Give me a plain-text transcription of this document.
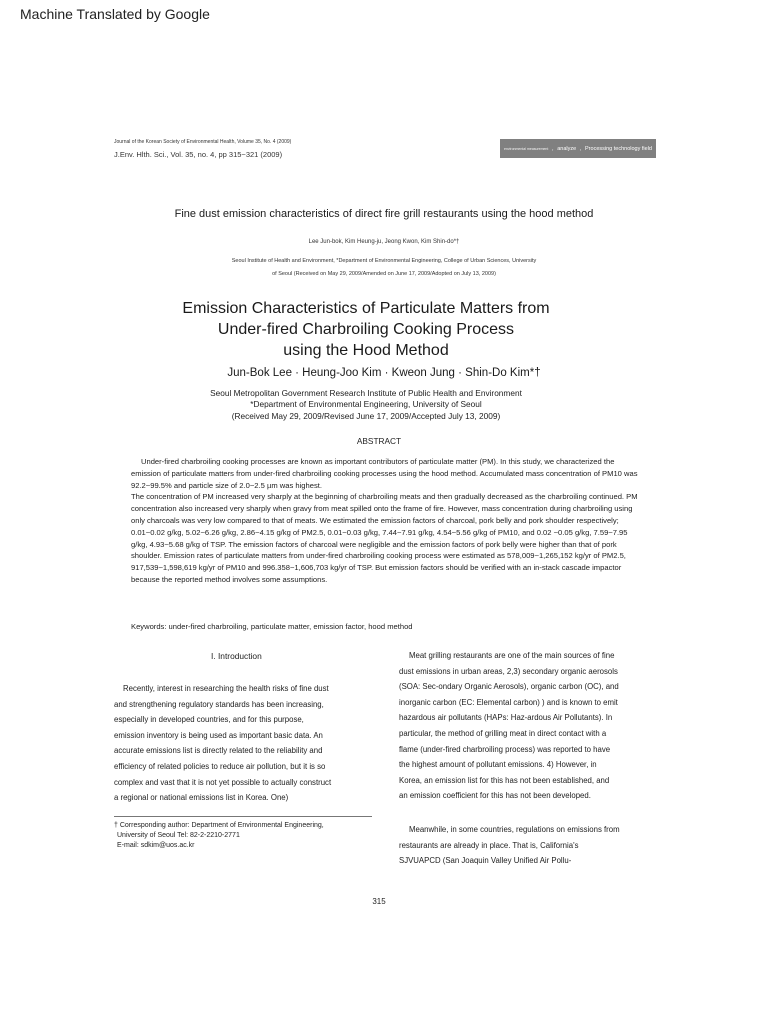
Machine Translated by Google
Journal of the Korean Society of Environmental Health, Volume 35, No. 4 (2009)
J.Env. Hlth. Sci., Vol. 35, no. 4, pp 315~321 (2009)
environmental measurement , analyze , Processing technology field
Fine dust emission characteristics of direct fire grill restaurants using the hood method
Lee Jun-bok, Kim Heung-ju, Jeong Kwon, Kim Shin-do*†
Seoul Institute of Health and Environment, *Department of Environmental Engineering, College of Urban Sciences, University
of Seoul (Received on May 29, 2009/Amended on June 17, 2009/Adopted on July 13, 2009)
Emission Characteristics of Particulate Matters from
Under-fired Charbroiling Cooking Process
using the Hood Method
Jun-Bok Lee · Heung-Joo Kim · Kweon Jung · Shin-Do Kim*†
Seoul Metropolitan Government Research Institute of Public Health and Environment
*Department of Environmental Engineering, University of Seoul
(Received May 29, 2009/Revised June 17, 2009/Accepted July 13, 2009)
ABSTRACT

Under-fired charbroiling cooking processes are known as important contributors of particulate matter (PM). In this study, we characterized the emission of particulate matters from under-fired charbroiling cooking processes using the hood method. Accumulated mass concentration of PM10 was 92.2~99.5% and particle size of 2.0~2.5 µm was highest.

The concentration of PM increased very sharply at the beginning of charbroiling meats and then gradually decreased as the charbroiling continued. PM concentration also increased very sharply when gravy from meat spilled onto the frame of fire. However, mass concentration during charbroiling using only charcoals was very low compared to that of meats. We estimated the emission factors of charcoal, pork belly and pork shoulder respectively; 0.01~0.02 g/kg, 5.02~6.26 g/kg, 2.86~4.15 g/kg of PM2.5, 0.01~0.03 g/kg, 7.44~7.91 g/kg, 4.54~5.56 g/kg of PM10, and 0.02 ~0.05 g/kg, 7.59~7.95 g/kg, 4.93~5.68 g/kg of TSP. The emission factors of charcoal were negligible and the emission factors of pork belly were higher than that of pork shoulder. Emission rates of particulate matters from under-fired charbroiling cooking process were estimated as 578,009~1,265,152 kg/yr of PM2.5, 917,539~1,598,619 kg/yr of PM10 and 996.358~1,606,703 kg/yr of TSP. But emission factors should be verified with an in-stack cascade impactor because the reported method involves some assumptions.

Keywords: under-fired charbroiling, particulate matter, emission factor, hood method
I. Introduction
Recently, interest in researching the health risks of fine dust
and strengthening regulatory standards has been increasing,
especially in developed countries, and for this purpose,
emission inventory is being used as important basic data. An
accurate emissions list is directly related to the reliability and
efficiency of related policies to reduce air pollution, but it is so
complex and vast that it is not yet possible to actually construct
a regional or national emissions list in Korea. One)
Meat grilling restaurants are one of the main sources of fine
dust emissions in urban areas, 2,3) secondary organic aerosols
(SOA: Sec-ondary Organic Aerosols), organic carbon (OC), and
inorganic carbon (EC: Elemental carbon) ) and is known to emit
hazardous air pollutants (HAPs: Haz-ardous Air Pollutants). In
particular, the method of grilling meat in direct contact with a
flame (under-fired charbroiling process) was reported to have
the highest amount of pollutant emissions. 4) However, in
Korea, an emission list for this has not been established, and
an emission coefficient for this has not been developed.
Meanwhile, in some countries, regulations on emissions from
restaurants are already in place. That is, California's
SJVUAPCD (San Joaquin Valley Unified Air Pollu-

† Corresponding author: Department of Environmental Engineering,

University of Seoul Tel: 82-2-2210-2771

E-mail: sdkim@uos.ac.kr

315
